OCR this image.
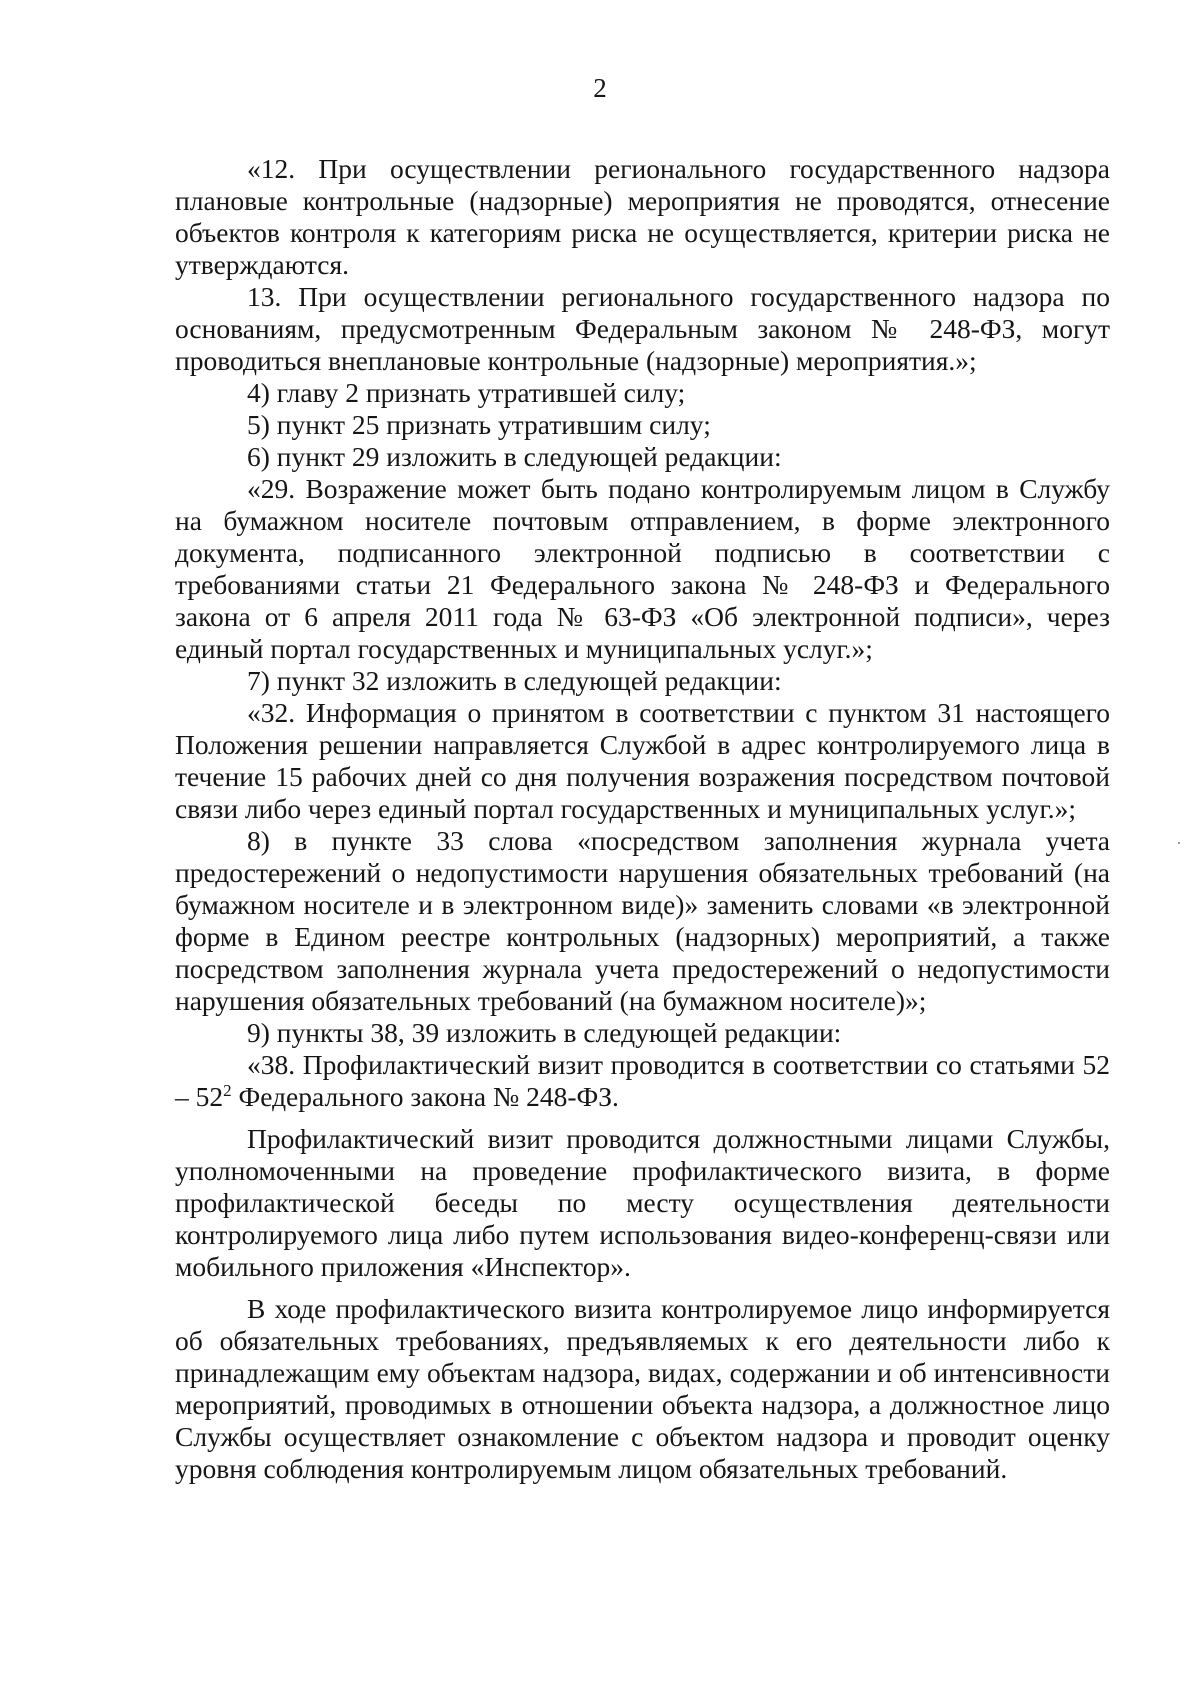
2

«12. При осуществлении регионального государственного надзора плановые контрольные (надзорные) мероприятия не проводятся, отнесение объектов контроля к категориям риска не осуществляется, критерии риска не утверждаются.

13. При осуществлении регионального государственного надзора по основаниям, предусмотренным Федеральным законом № 248-ФЗ, могут проводиться внеплановые контрольные (надзорные) мероприятия.»;

4) главу 2 признать утратившей силу;

5) пункт 25 признать утратившим силу;

6) пункт 29 изложить в следующей редакции:

«29. Возражение может быть подано контролируемым лицом в Службу на бумажном носителе почтовым отправлением, в форме электронного документа, подписанного электронной подписью в соответствии с требованиями статьи 21 Федерального закона № 248-ФЗ и Федерального закона от 6 апреля 2011 года № 63-ФЗ «Об электронной подписи», через единый портал государственных и муниципальных услуг.»;

7) пункт 32 изложить в следующей редакции:

«32. Информация о принятом в соответствии с пунктом 31 настоящего Положения решении направляется Службой в адрес контролируемого лица в течение 15 рабочих дней со дня получения возражения посредством почтовой связи либо через единый портал государственных и муниципальных услуг.»;

8) в пункте 33 слова «посредством заполнения журнала учета предостережений о недопустимости нарушения обязательных требований (на бумажном носителе и в электронном виде)» заменить словами «в электронной форме в Едином реестре контрольных (надзорных) мероприятий, а также посредством заполнения журнала учета предостережений о недопустимости нарушения обязательных требований (на бумажном носителе)»;

9) пункты 38, 39 изложить в следующей редакции:

«38. Профилактический визит проводится в соответствии со статьями $52 - 52^2$ Федерального закона № 248-ФЗ.

Профилактический визит проводится должностными лицами Службы, уполномоченными на проведение профилактического визита, в форме профилактической беседы по месту осуществления деятельности контролируемого лица либо путем использования видео-конференц-связи или мобильного приложения «Инспектор».

В ходе профилактического визита контролируемое лицо информируется об обязательных требованиях, предъявляемых к его деятельности либо к принадлежащим ему объектам надзора, видах, содержании и об интенсивности мероприятий, проводимых в отношении объекта надзора, а должностное лицо Службы осуществляет ознакомление с объектом надзора и проводит оценку уровня соблюдения контролируемым лицом обязательных требований.
